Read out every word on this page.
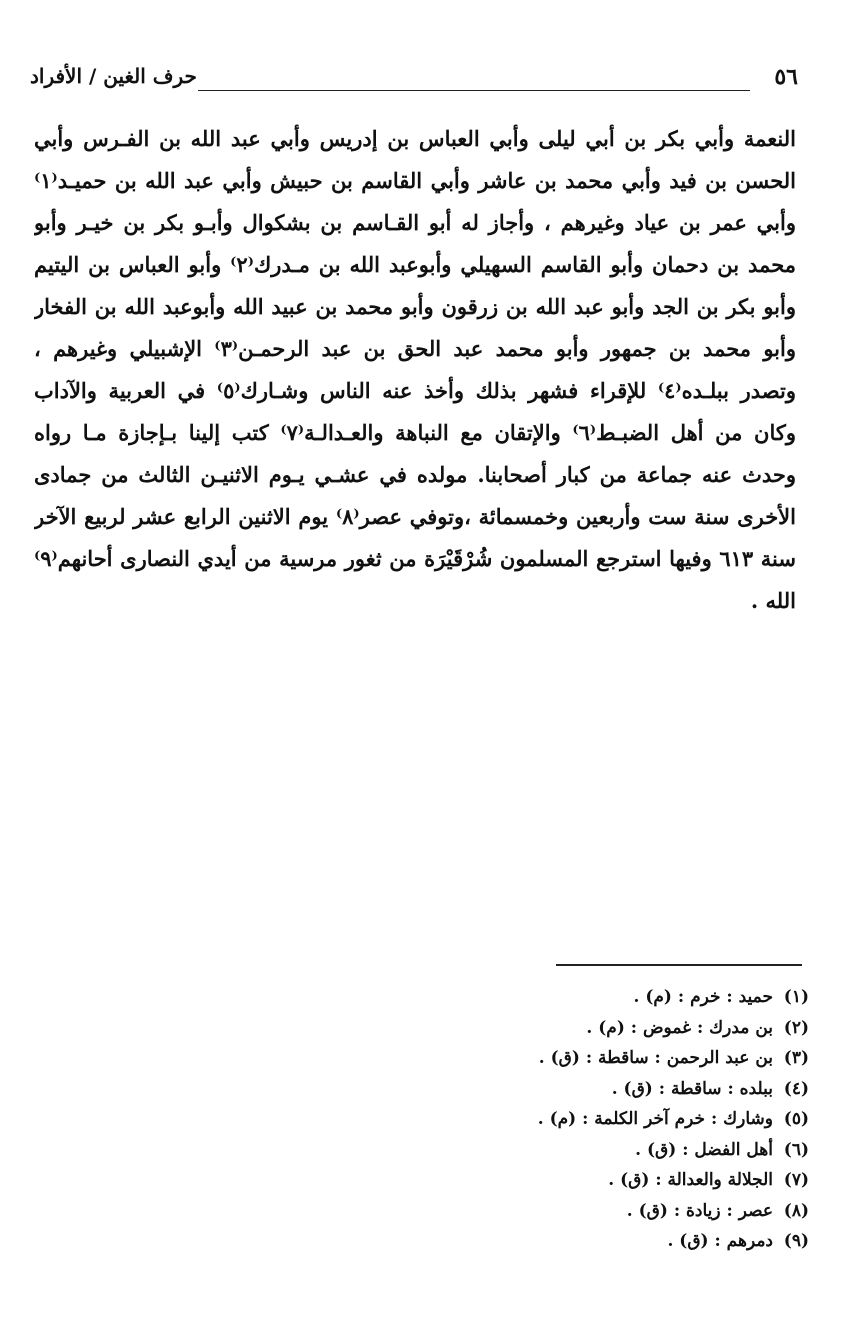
حرف الغين / الأفراد	٥٦
النعمة وأبي بكر بن أبي ليلى وأبي العباس بن إدريس وأبي عبد الله بن الفـرس وأبي
الحسن بن فيد وأبي محمد بن عاشر وأبي القاسم بن حبيش وأبي عبد الله بن حميـد⁽١⁾
وأبي عمر بن عياد وغيرهم ، وأجاز له أبو القـاسم بن بشكوال وأبـو بكر بن خيـر وأبو
محمد بن دحمان وأبو القاسم السهيلي وأبوعبد الله بن مـدرك⁽٢⁾ وأبو العباس بن اليتيم
وأبو بكر بن الجد وأبو عبد الله بن زرقون وأبو محمد بن عبيد الله وأبوعبد الله بن الفخار
وأبو محمد بن جمهور وأبو محمد عبد الحق بن عبد الرحمـن⁽٣⁾ الإشبيلي وغيرهم ،
وتصدر ببلـده⁽٤⁾ للإقراء فشهر بذلك وأخذ عنه الناس وشـارك⁽٥⁾ في العربية والآداب
وكان من أهل الضبـط⁽٦⁾ والإتقان مع النباهة والعـدالـة⁽٧⁾ كتب إلينا بـإجازة مـا رواه
وحدث عنه جماعة من كبار أصحابنا. مولده في عشـي يـوم الاثنيـن الثالث من جمادى
الأخرى سنة ست وأربعين وخمسمائة ،وتوفي عصر⁽٨⁾ يوم الاثنين الرابع عشر لربيع الآخر
سنة ٦١٣ وفيها استرجع المسلمون شُرْقَيْرَة من ثغور مرسية من أيدي النصارى أحانهم⁽٩⁾
الله .
(١)حميد : خرم : (م) .
(٢)بن مدرك : غموض : (م) .
(٣)بن عبد الرحمن : ساقطة : (ق) .
(٤)ببلده : ساقطة : (ق) .
(٥)وشارك : خرم آخر الكلمة : (م) .
(٦)أهل الفضل : (ق) .
(٧)الجلالة والعدالة : (ق) .
(٨)عصر : زيادة : (ق) .
(٩)دمرهم : (ق) .
